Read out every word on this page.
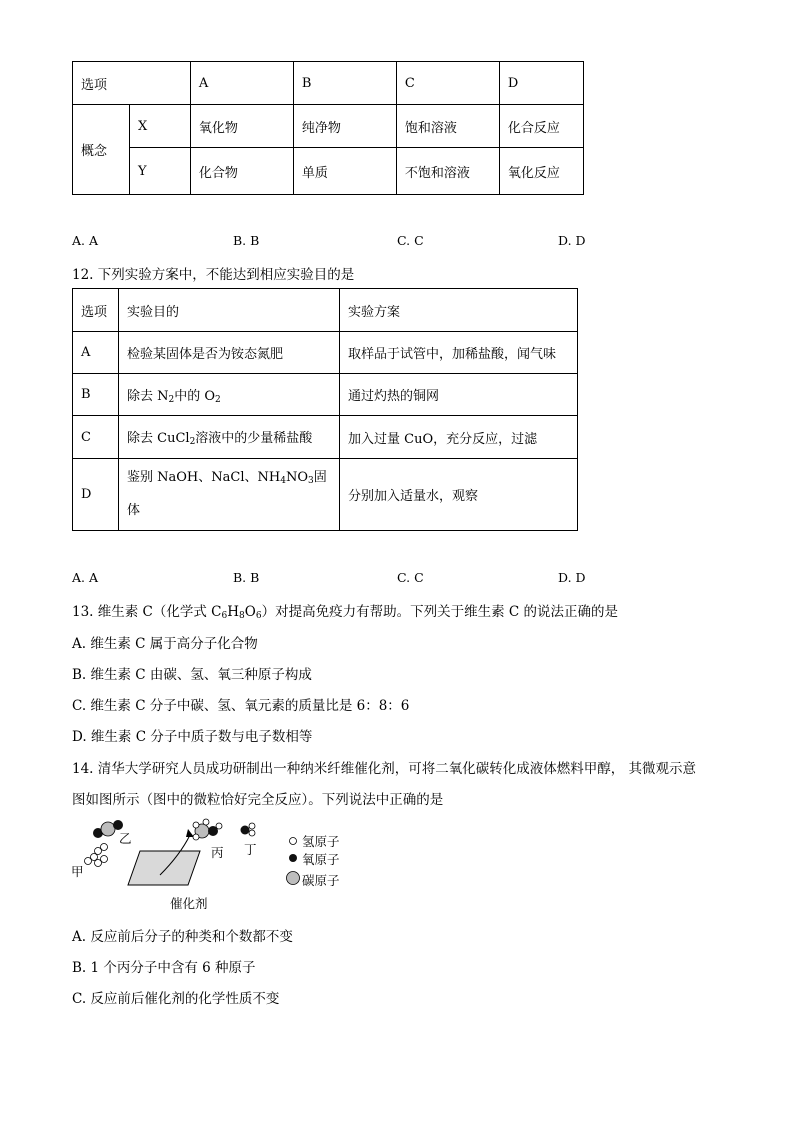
选项		A	B	C	D
概念	X	氧化物	纯净物	饱和溶液	化合反应
	Y	化合物	单质	不饱和溶液	氧化反应
A. A	B. B	C. C	D. D
12. 下列实验方案中，不能达到相应实验目的是
选项	实验目的	实验方案
A	检验某固体是否为铵态氮肥	取样品于试管中，加稀盐酸，闻气味
B	除去 $N_2$中的 $O_2$	通过灼热的铜网
C	除去 CuCl$_2$溶液中的少量稀盐酸	加入过量 CuO，充分反应，过滤
D	鉴别 NaOH、NaCl、$NH_4NO_3$固体	分别加入适量水，观察
A. A	B. B	C. C	D. D
13. 维生素 C（化学式 $C_6H_8O_6$）对提高免疫力有帮助。下列关于维生素 C 的说法正确的是
A. 维生素 C 属于高分子化合物
B. 维生素 C 由碳、氢、氧三种原子构成
C. 维生素 C 分子中碳、氢、氧元素的质量比是 6：8：6
D. 维生素 C 分子中质子数与电子数相等
14. 清华大学研究人员成功研制出一种纳米纤维催化剂，可将二氧化碳转化成液体燃料甲醇， 其微观示意
图如图所示（图中的微粒恰好完全反应）。下列说法中正确的是
甲
乙
丙 丁
催化剂
氢原子
氧原子
碳原子
A. 反应前后分子的种类和个数都不变
B. 1 个丙分子中含有 6 种原子
C. 反应前后催化剂的化学性质不变
